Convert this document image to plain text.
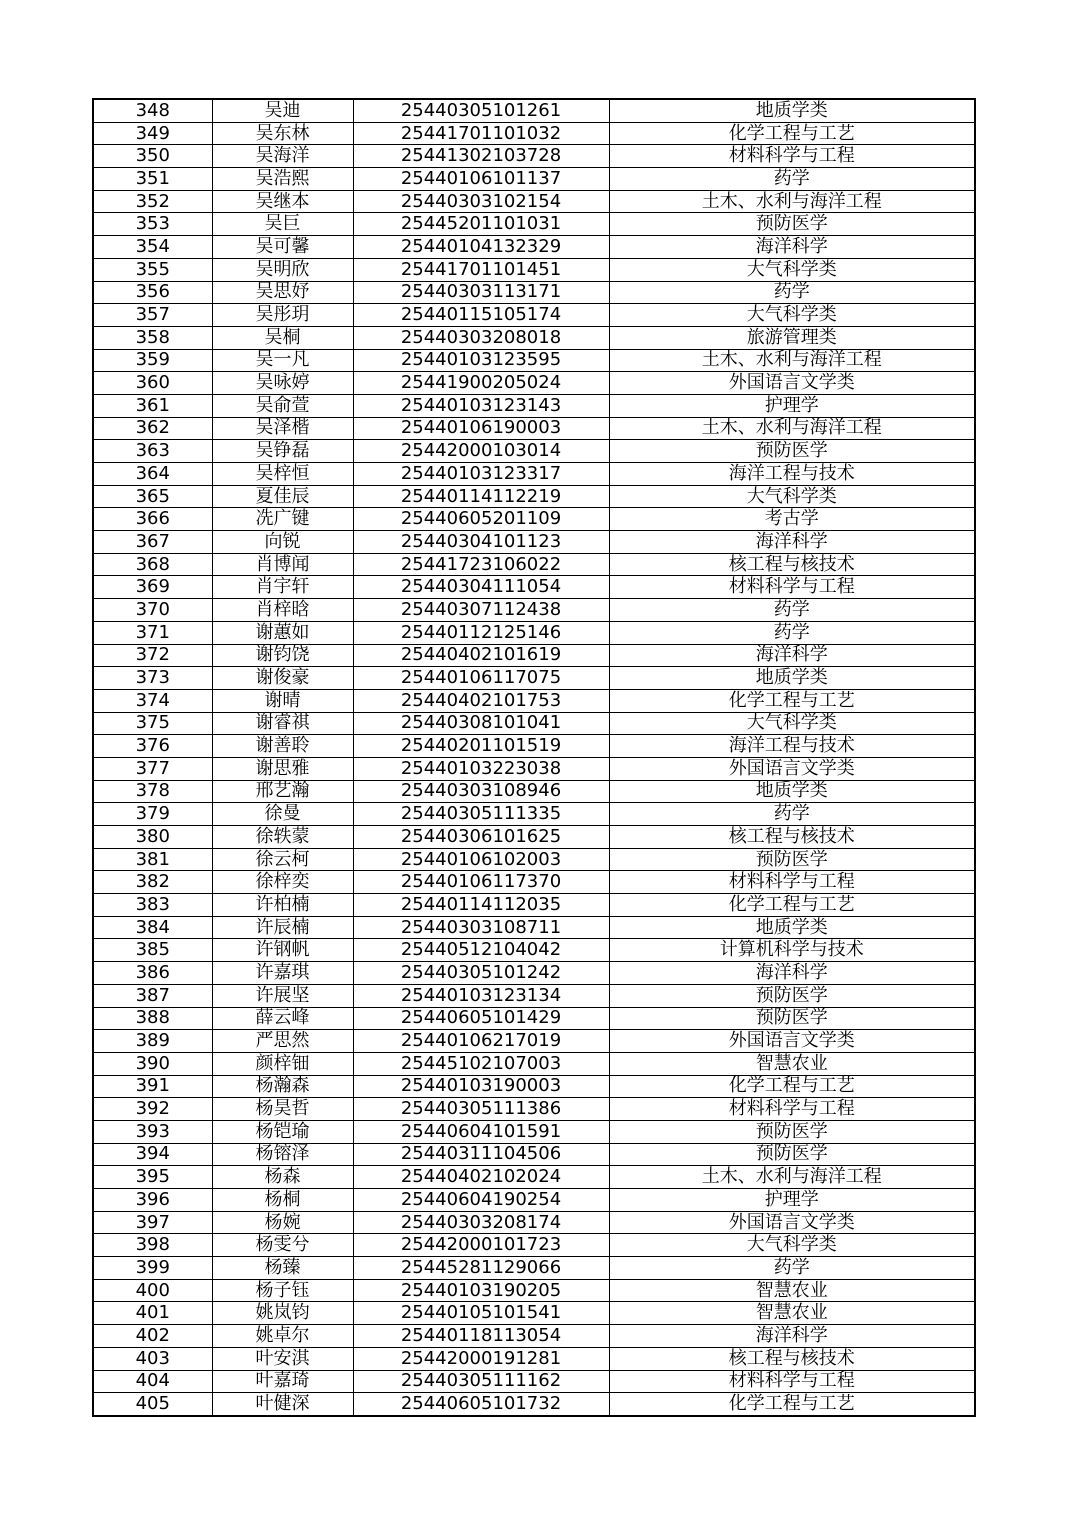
348	吴迪	25440305101261	地质学类
349	吴东林	25441701101032	化学工程与工艺
350	吴海洋	25441302103728	材料科学与工程
351	吴浩熙	25440106101137	药学
352	吴继本	25440303102154	土木、水利与海洋工程
353	吴巨	25445201101031	预防医学
354	吴可馨	25440104132329	海洋科学
355	吴明欣	25441701101451	大气科学类
356	吴思妤	25440303113171	药学
357	吴彤玥	25440115105174	大气科学类
358	吴桐	25440303208018	旅游管理类
359	吴一凡	25440103123595	土木、水利与海洋工程
360	吴咏婷	25441900205024	外国语言文学类
361	吴俞萱	25440103123143	护理学
362	吴泽楷	25440106190003	土木、水利与海洋工程
363	吴铮磊	25442000103014	预防医学
364	吴梓恒	25440103123317	海洋工程与技术
365	夏佳辰	25440114112219	大气科学类
366	冼广键	25440605201109	考古学
367	向锐	25440304101123	海洋科学
368	肖博闻	25441723106022	核工程与核技术
369	肖宇轩	25440304111054	材料科学与工程
370	肖梓晗	25440307112438	药学
371	谢蕙如	25440112125146	药学
372	谢钧饶	25440402101619	海洋科学
373	谢俊豪	25440106117075	地质学类
374	谢晴	25440402101753	化学工程与工艺
375	谢睿祺	25440308101041	大气科学类
376	谢善聆	25440201101519	海洋工程与技术
377	谢思雅	25440103223038	外国语言文学类
378	邢艺瀚	25440303108946	地质学类
379	徐曼	25440305111335	药学
380	徐轶蒙	25440306101625	核工程与核技术
381	徐云柯	25440106102003	预防医学
382	徐梓奕	25440106117370	材料科学与工程
383	许柏楠	25440114112035	化学工程与工艺
384	许辰楠	25440303108711	地质学类
385	许钢帆	25440512104042	计算机科学与技术
386	许嘉琪	25440305101242	海洋科学
387	许展坚	25440103123134	预防医学
388	薛云峰	25440605101429	预防医学
389	严思然	25440106217019	外国语言文学类
390	颜梓钿	25445102107003	智慧农业
391	杨瀚森	25440103190003	化学工程与工艺
392	杨昊哲	25440305111386	材料科学与工程
393	杨铠瑜	25440604101591	预防医学
394	杨镕泽	25440311104506	预防医学
395	杨森	25440402102024	土木、水利与海洋工程
396	杨桐	25440604190254	护理学
397	杨婉	25440303208174	外国语言文学类
398	杨雯兮	25442000101723	大气科学类
399	杨臻	25445281129066	药学
400	杨子钰	25440103190205	智慧农业
401	姚岚钧	25440105101541	智慧农业
402	姚卓尔	25440118113054	海洋科学
403	叶安淇	25442000191281	核工程与核技术
404	叶嘉琦	25440305111162	材料科学与工程
405	叶健深	25440605101732	化学工程与工艺
